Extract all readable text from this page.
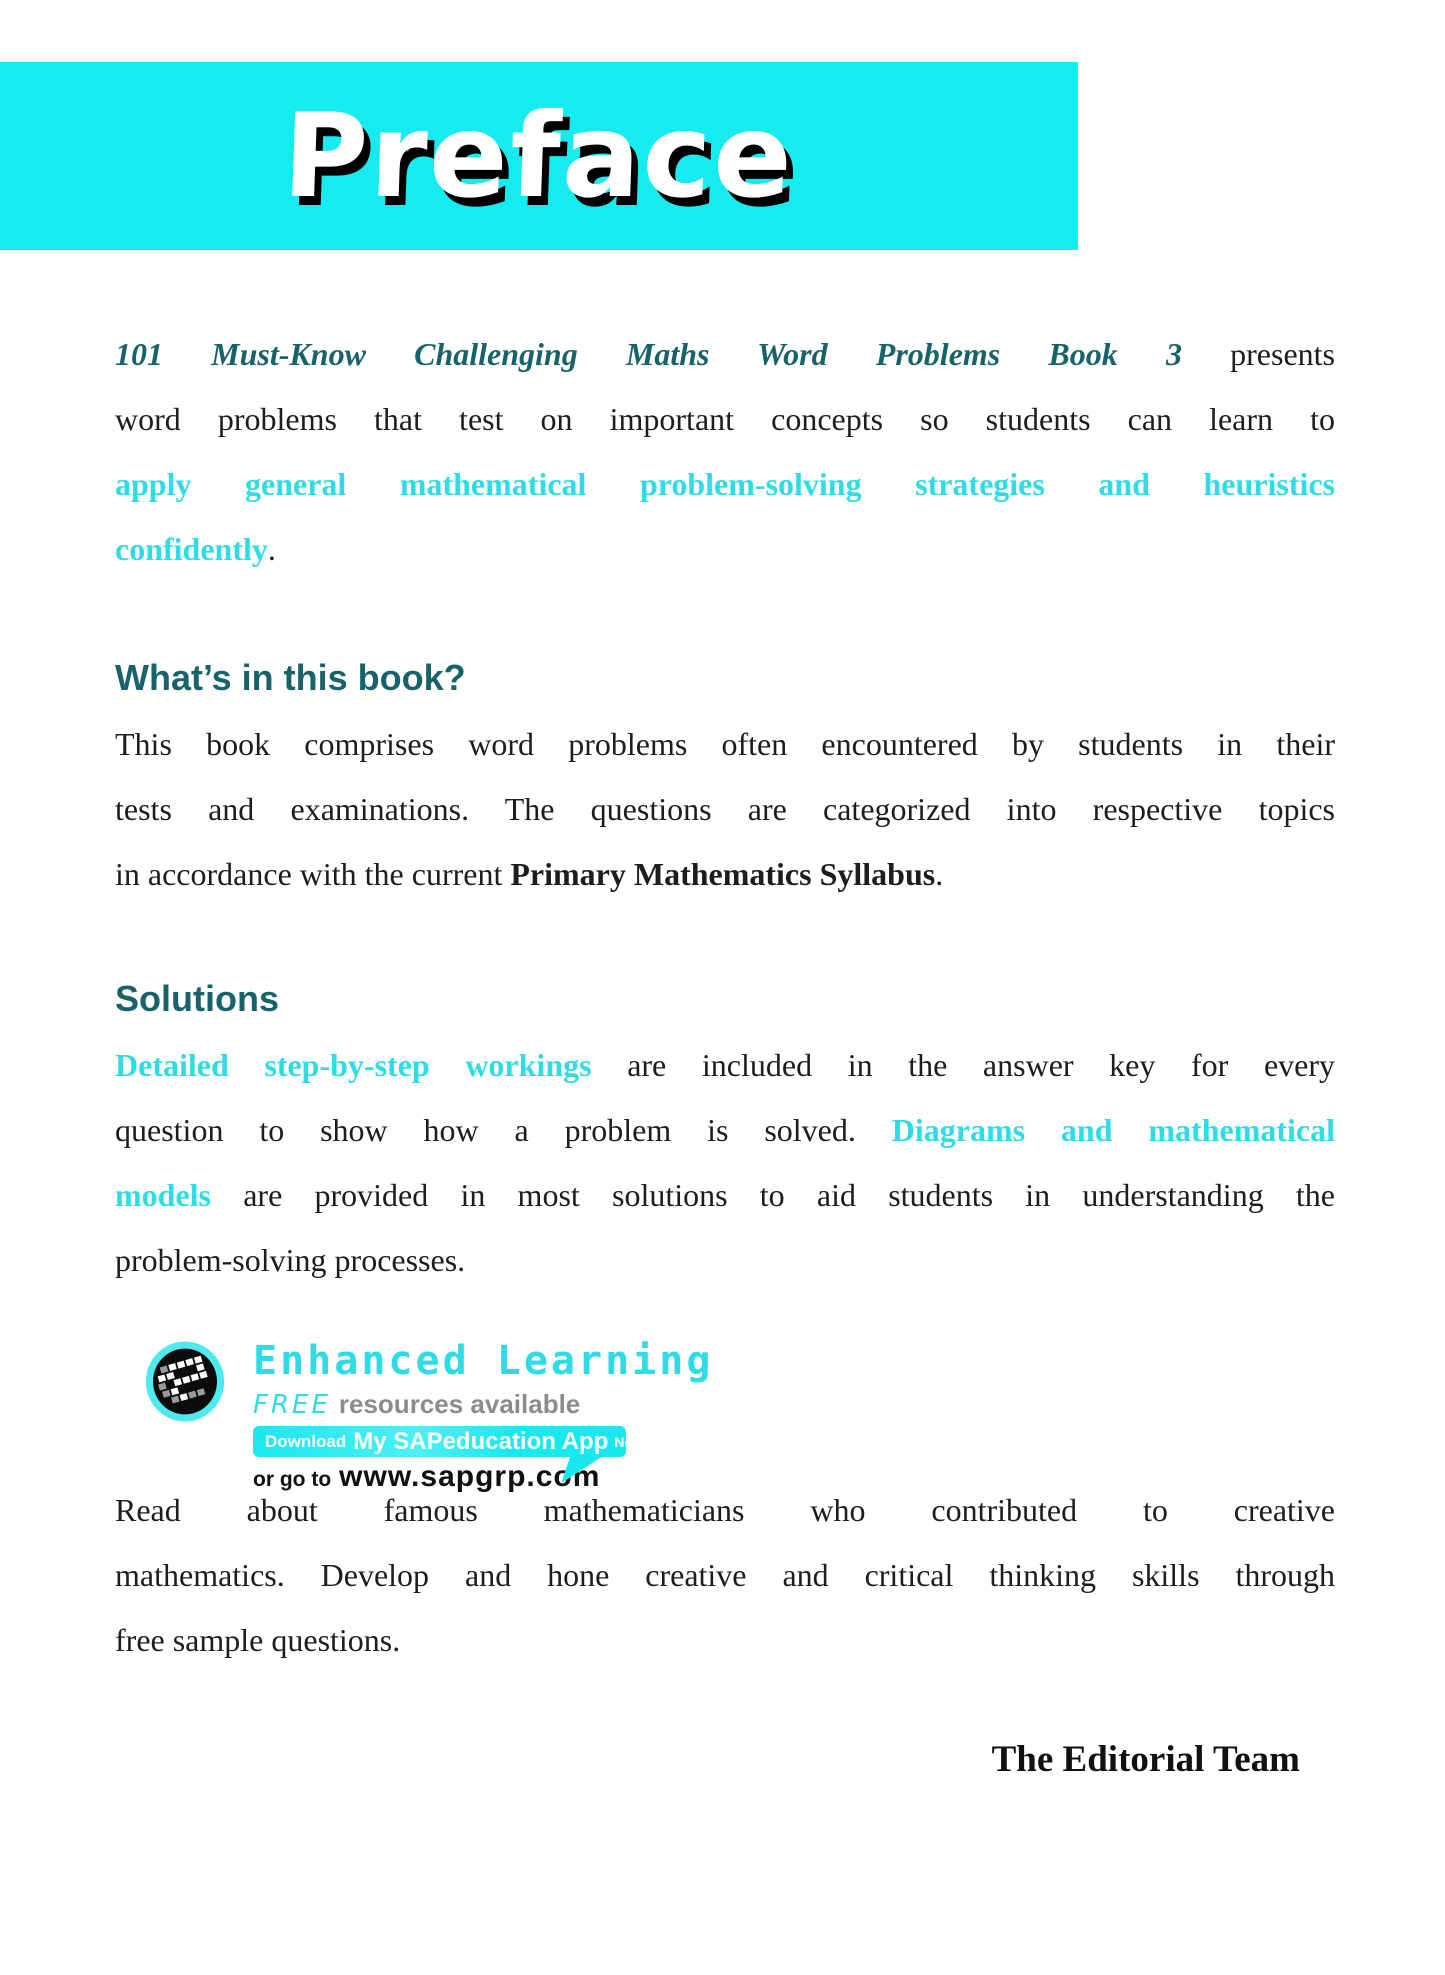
Preface
101 Must-Know Challenging Maths Word Problems Book 3 presents
word problems that test on important concepts so students can learn to
apply general mathematical problem-solving strategies and heuristics
confidently.
What’s in this book?
This book comprises word problems often encountered by students in their
tests and examinations. The questions are categorized into respective topics
in accordance with the current Primary Mathematics Syllabus.
Solutions
Detailed step-by-step workings are included in the answer key for every
question to show how a problem is solved. Diagrams and mathematical
models are provided in most solutions to aid students in understanding the
problem-solving processes.
Enhanced Learning
FREE resources available
Download My SAPeducation App Now!
or go to www.sapgrp.com
Read about famous mathematicians who contributed to creative
mathematics. Develop and hone creative and critical thinking skills through
free sample questions.
The Editorial Team
